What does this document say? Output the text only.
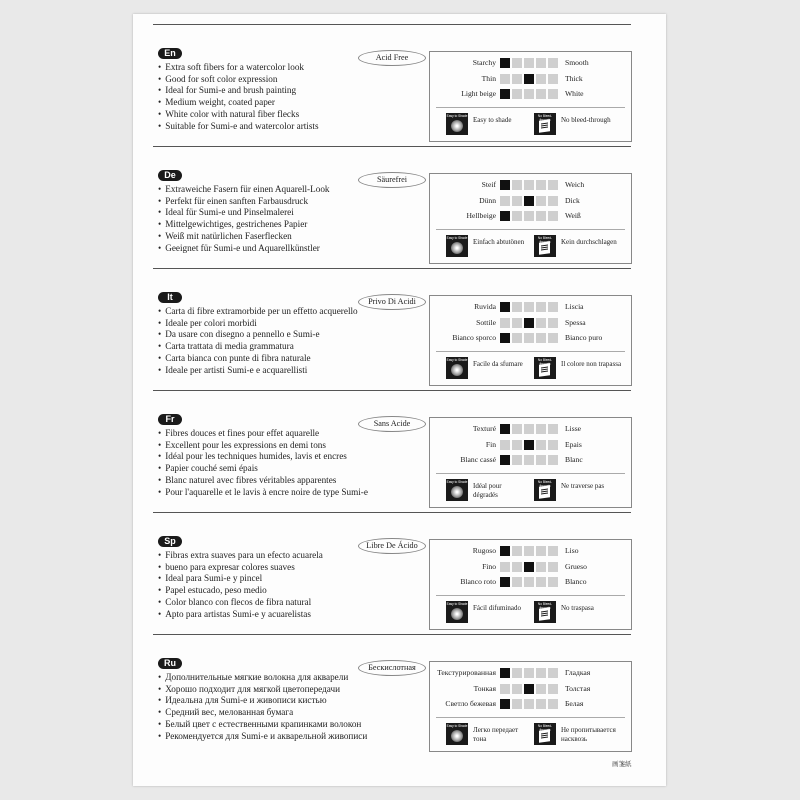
画箋紙
En
• Extra soft fibers for a watercolor look
• Good for soft color expression
• Ideal for Sumi-e and brush painting
• Medium weight, coated paper
• White color with natural fiber flecks
• Suitable for Sumi-e and watercolor artists
Acid Free
Starchy	Smooth
Thin	Thick
Light beige	White
Easy to Shade Easy to shade	No Bleed-	No bleed-through
De
• Extraweiche Fasern für einen Aquarell-Look
• Perfekt für einen sanften Farbausdruck
• Ideal für Sumi-e und Pinselmalerei
• Mittelgewichtiges, gestrichenes Papier
• Weiß mit natürlichen Faserflecken
• Geeignet für Sumi-e und Aquarellkünstler
Säurefrei
Steif	Weich
Dünn	Dick
Hellbeige	Weiß
Easy to Shade Einfach abtutönen	No Bleed-	Kein durchschlagen
It
• Carta di fibre extramorbide per un effetto acquerello
• Ideale per colori morbidi
• Da usare con disegno a pennello e Sumi-e
• Carta trattata di media grammatura
• Carta bianca con punte di fibra naturale
• Ideale per artisti Sumi-e e acquarellisti
Privo Di Acidi
Ruvida	Liscia
Sottile	Spessa
Bianco sporco	Bianco puro
Easy to Shade Facile da sfumare	No Bleed-	Il colore non trapassa
Fr
• Fibres douces et fines pour effet aquarelle
• Excellent pour les expressions en demi tons
• Idéal pour les techniques humides, lavis et encres
• Papier couché semi épais
• Blanc naturel avec fibres véritables apparentes
• Pour l'aquarelle et le lavis à encre noire de type Sumi-e
Sans Acide
Texturé	Lisse
Fin	Epais
Blanc cassé	Blanc
Easy to Shade Idéal pour dégradés
No Bleed-	Ne traverse pas
Sp
• Fibras extra suaves para un efecto acuarela
• bueno para expresar colores suaves
• Ideal para Sumi-e y pincel
• Papel estucado, peso medio
• Color blanco con flecos de fibra natural
• Apto para artistas Sumi-e y acuarelistas
Libre De Ácido
Rugoso	Liso
Fino	Grueso
Blanco roto	Blanco
Easy to Shade Fácil difuminado	No Bleed-	No traspasa
Ru
• Дополнительные мягкие волокна для акварели
• Хорошо подходит для мягкой цветопередачи
• Идеальна для Sumi-e и живописи кистью
• Средний вес, мелованная бумага
• Белый цвет с естественными крапинками волокон
• Рекомендуется для Sumi-e и акварельной живописи
Бескислотная
Текстурированная	Гладкая
Тонкая	Толстая
Светло бежевая	Белая
Easy to Shade Легко передает тона
No Bleed-	Не пропитывается насквозь
